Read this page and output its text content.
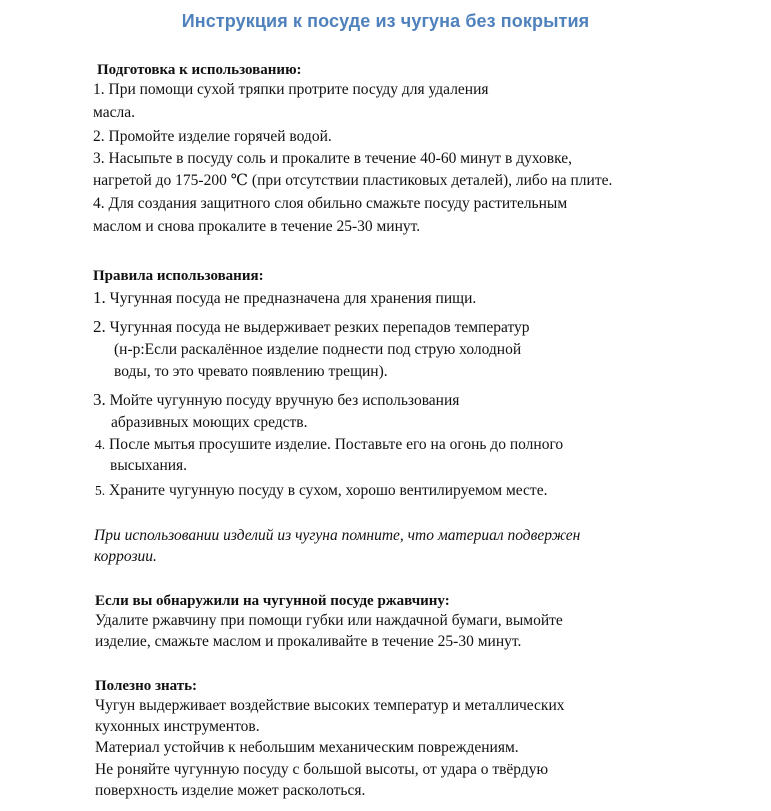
Инструкция к посуде из чугуна без покрытия
Подготовка к использованию:
1. При помощи сухой тряпки протрите посуду для удаления
масла.
2. Промойте изделие горячей водой.
3. Насыпьте в посуду соль и прокалите в течение 40-60 минут в духовке,
нагретой до 175-200 ℃ (при отсутствии пластиковых деталей), либо на плите.
4. Для создания защитного слоя обильно смажьте посуду растительным
маслом и снова прокалите в течение 25-30 минут.
Правила использования:
1. Чугунная посуда не предназначена для хранения пищи.
2. Чугунная посуда не выдерживает резких перепадов температур
(н-р:Если раскалённое изделие поднести под струю холодной
воды, то это чревато появлению трещин).
3. Мойте чугунную посуду вручную без использования
абразивных моющих средств.
4. После мытья просушите изделие. Поставьте его на огонь до полного
высыхания.
5. Храните чугунную посуду в сухом, хорошо вентилируемом месте.
При использовании изделий из чугуна помните, что материал подвержен
коррозии.
Если вы обнаружили на чугунной посуде ржавчину:
Удалите ржавчину при помощи губки или наждачной бумаги, вымойте
изделие, смажьте маслом и прокаливайте в течение 25-30 минут.
Полезно знать:
Чугун выдерживает воздействие высоких температур и металлических
кухонных инструментов.
Материал устойчив к небольшим механическим повреждениям.
Не роняйте чугунную посуду с большой высоты, от удара о твёрдую
поверхность изделие может расколоться.
